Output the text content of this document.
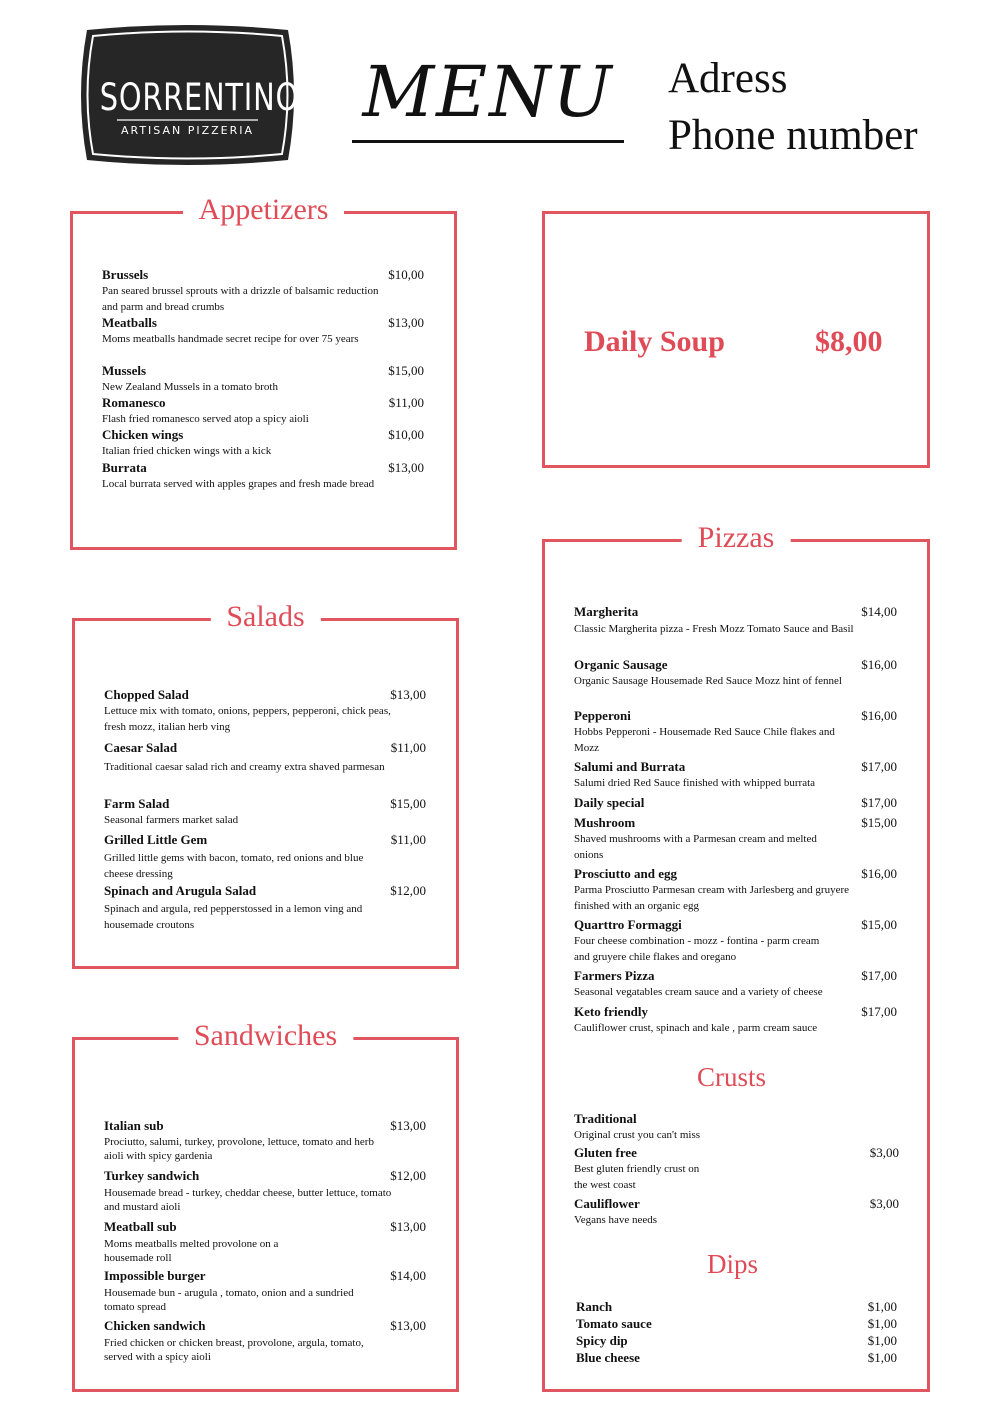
SORRENTINO'S
ARTISAN PIZZERIA	MENU Adress
Phone number
Appetizers
Brussels	$10,00
Pan seared brussel sprouts with a drizzle of balsamic reduction and parm and bread crumbs
Meatballs	$13,00
Moms meatballs handmade secret recipe for over 75 years
Mussels	$15,00
New Zealand Mussels in a tomato broth
Romanesco	$11,00
Flash fried romanesco served atop a spicy aioli
Chicken wings	$10,00
Italian fried chicken wings with a kick
Burrata	$13,00
Local burrata served with apples grapes and fresh made bread
Daily Soup	$8,00
Salads
Chopped Salad	$13,00
Lettuce mix with tomato, onions, peppers, pepperoni, chick peas, fresh mozz, italian herb ving
Caesar Salad	$11,00
Traditional caesar salad rich and creamy extra shaved parmesan
Farm Salad	$15,00
Seasonal farmers market salad
Grilled Little Gem	$11,00
Grilled little gems with bacon, tomato, red onions and blue cheese dressing
Spinach and Arugula Salad	$12,00
Spinach and argula, red pepperstossed in a lemon ving and housemade croutons
Sandwiches
Italian sub	$13,00
Prociutto, salumi, turkey, provolone, lettuce, tomato and herb aioli with spicy gardenia
Turkey sandwich	$12,00
Housemade bread - turkey, cheddar cheese, butter lettuce, tomato and mustard aioli
Meatball sub	$13,00
Moms meatballs melted provolone on a housemade roll
Impossible burger	$14,00
Housemade bun - arugula , tomato, onion and a sundried tomato spread
Chicken sandwich	$13,00
Fried chicken or chicken breast, provolone, argula, tomato, served with a spicy aioli
Pizzas
Margherita	$14,00
Classic Margherita pizza - Fresh Mozz Tomato Sauce and Basil
Organic Sausage	$16,00
Organic Sausage Housemade Red Sauce Mozz hint of fennel
Pepperoni	$16,00
Hobbs Pepperoni - Housemade Red Sauce Chile flakes and Mozz
Salumi and Burrata	$17,00
Salumi dried Red Sauce finished with whipped burrata
Daily special	$17,00
Mushroom	$15,00
Shaved mushrooms with a Parmesan cream and melted onions
Prosciutto and egg	$16,00
Parma Prosciutto Parmesan cream with Jarlesberg and gruyere finished with an organic egg
Quarttro Formaggi	$15,00
Four cheese combination - mozz - fontina - parm cream and gruyere chile flakes and oregano
Farmers Pizza	$17,00
Seasonal vegatables cream sauce and a variety of cheese
Keto friendly	$17,00
Cauliflower crust, spinach and kale , parm cream sauce
Crusts
Traditional
Original crust you can't miss
Gluten free	$3,00
Best gluten friendly crust on the west coast
Cauliflower	$3,00
Vegans have needs
Dips
Ranch	$1,00
Tomato sauce	$1,00
Spicy dip	$1,00
Blue cheese	$1,00
